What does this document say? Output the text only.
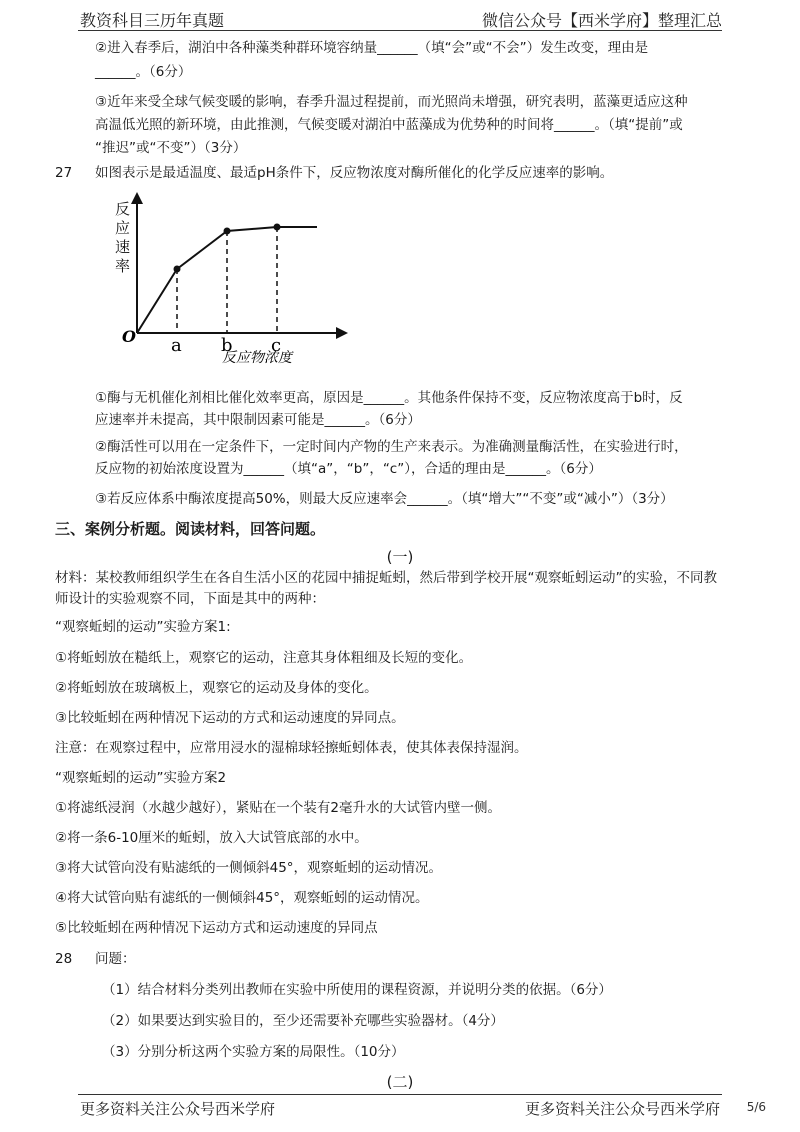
教资科目三历年真题	微信公众号【西米学府】整理汇总
②进入春季后，湖泊中各种藻类种群环境容纳量______（填“会”或“不会”）发生改变，理由是
______。（6分）
③近年来受全球气候变暖的影响，春季升温过程提前，而光照尚未增强，研究表明，蓝藻更适应这种
高温低光照的新环境，由此推测，气候变暖对湖泊中蓝藻成为优势种的时间将______。（填“提前”或
“推迟”或“不变”）（3分）
27 如图表示是最适温度、最适pH条件下，反应物浓度对酶所催化的化学反应速率的影响。
反
应
速
率
O
反应物浓度
a b c
①酶与无机催化剂相比催化效率更高，原因是______。其他条件保持不变，反应物浓度高于b时，反
应速率并未提高，其中限制因素可能是______。（6分）
②酶活性可以用在一定条件下，一定时间内产物的生产来表示。为准确测量酶活性，在实验进行时，
反应物的初始浓度设置为______（填“a”，“b”，“c”），合适的理由是______。（6分）
③若反应体系中酶浓度提高50%，则最大反应速率会______。（填“增大”“不变”或“减小”）（3分）
三、案例分析题。阅读材料，回答问题。
(一)
材料：某校教师组织学生在各自生活小区的花园中捕捉蚯蚓，然后带到学校开展“观察蚯蚓运动”的实验，不同教
师设计的实验观察不同，下面是其中的两种：
“观察蚯蚓的运动”实验方案1:
①将蚯蚓放在糙纸上，观察它的运动，注意其身体粗细及长短的变化。
②将蚯蚓放在玻璃板上，观察它的运动及身体的变化。
③比较蚯蚓在两种情况下运动的方式和运动速度的异同点。
注意：在观察过程中，应常用浸水的湿棉球轻擦蚯蚓体表，使其体表保持湿润。
“观察蚯蚓的运动”实验方案2
①将滤纸浸润（水越少越好），紧贴在一个装有2毫升水的大试管内壁一侧。
②将一条6-10厘米的蚯蚓，放入大试管底部的水中。
③将大试管向没有贴滤纸的一侧倾斜45°，观察蚯蚓的运动情况。
④将大试管向贴有滤纸的一侧倾斜45°，观察蚯蚓的运动情况。
⑤比较蚯蚓在两种情况下运动方式和运动速度的异同点
28 问题：
（1）结合材料分类列出教师在实验中所使用的课程资源，并说明分类的依据。（6分）
（2）如果要达到实验目的，至少还需要补充哪些实验器材。（4分）
（3）分别分析这两个实验方案的局限性。（10分）
(二)
更多资料关注公众号西米学府	更多资料关注公众号西米学府 5/6
